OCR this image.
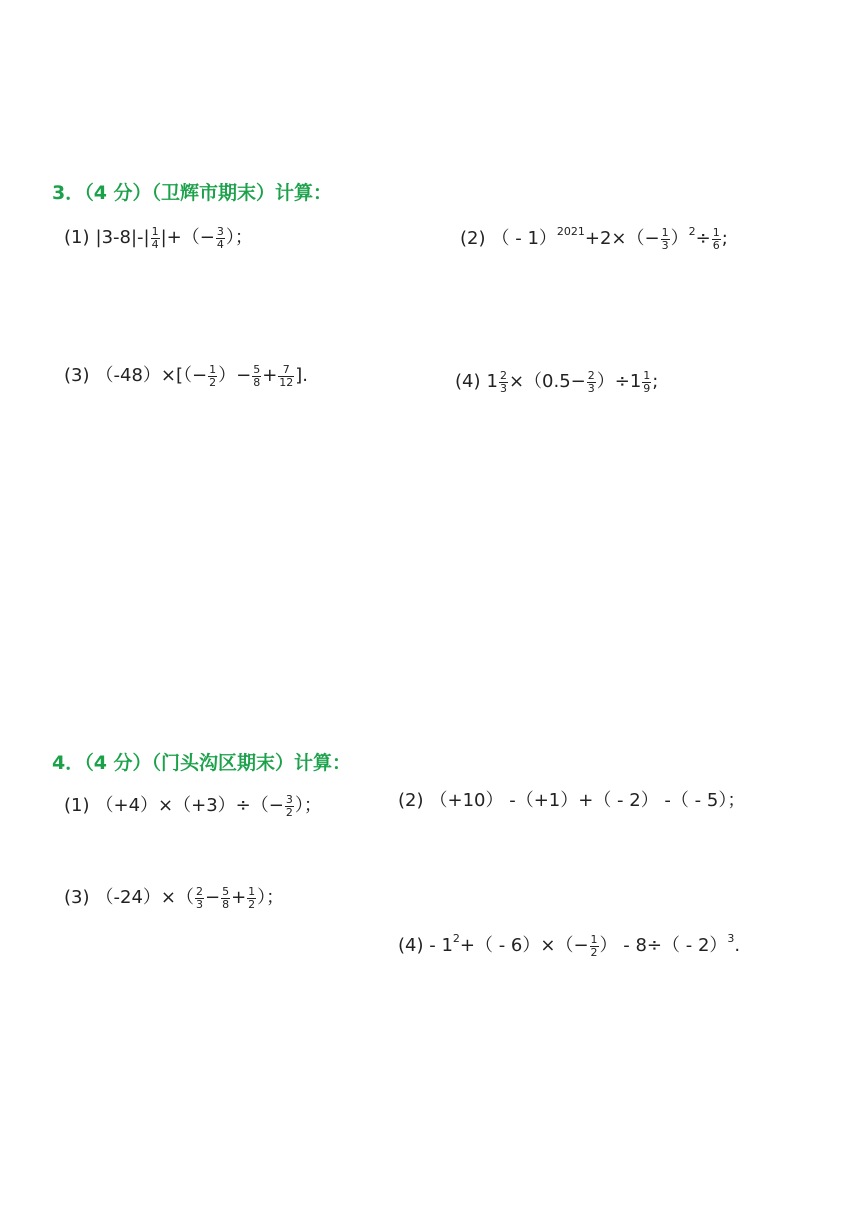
3．（4 分）（卫辉市期末）计算：
(1) $|3-8|-| \frac{1}{4}$ |+（− $\frac{3}{4}$ ）；	(2) （ - $1)^{2021}+2\times(- \frac{1}{3} )^2\div \frac{1}{6}$ ;
(3) $(-48)\times[(- \frac{1}{2}$ ）− $\frac{5}{8} + \frac{7}{12}$ ].	(4) $1 \frac{2}{3} \times(0.5- \frac{2}{3} )\div 1 \frac{1}{9}$ ;
4．（4 分）（门头沟区期末）计算：
(1) $(+4)\times(+3)\div(- \frac{3}{2}$ ）；	(2) （+10） -（+1）+（ - 2） -（ - 5）；
(3) $(-24)\times( \frac{2}{3} - \frac{5}{8} + \frac{1}{2}$ ）；
$(4) - 1^2+( - 6)\times(- \frac{1}{2}$ ） - 8÷（ - 2）$^3$.
